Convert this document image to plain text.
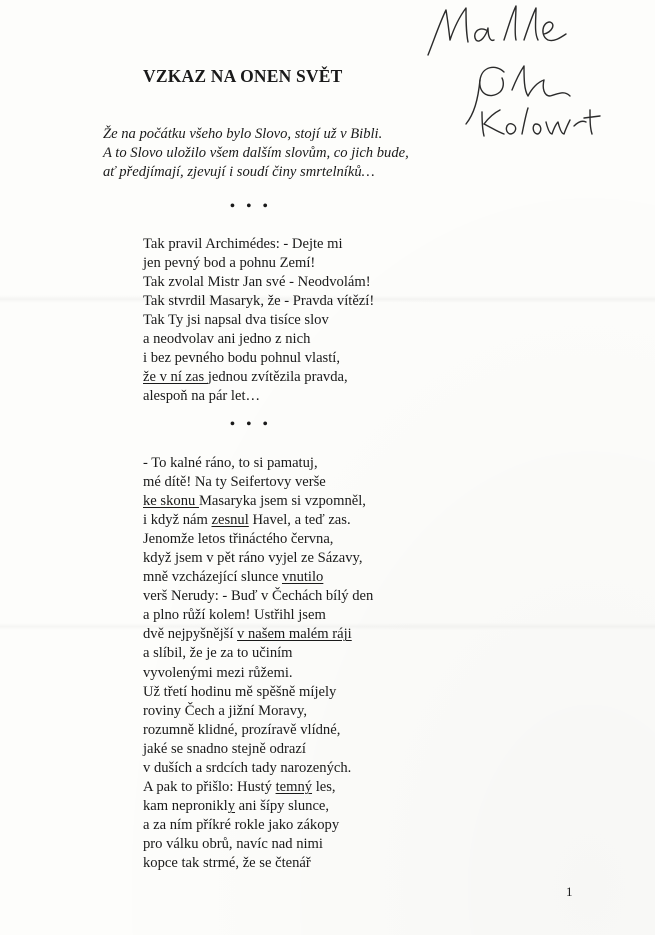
VZKAZ NA ONEN SVĚT
Že na počátku všeho bylo Slovo, stojí už v Bibli.
A to Slovo uložilo všem dalším slovům, co jich bude,
ať předjímají, zjevují i soudí činy smrtelníků…
• • •
Tak pravil Archimédes: - Dejte mi
jen pevný bod a pohnu Zemí!
Tak zvolal Mistr Jan své - Neodvolám!
Tak stvrdil Masaryk, že - Pravda vítězí!
Tak Ty jsi napsal dva tisíce slov
a neodvolav ani jedno z nich
i bez pevného bodu pohnul vlastí,
že v ní zas jednou zvítězila pravda,
alespoň na pár let…
• • •
- To kalné ráno, to si pamatuj,
mé dítě! Na ty Seifertovy verše
ke skonu Masaryka jsem si vzpomněl,
i když nám zesnul Havel, a teď zas.
Jenomže letos třináctého června,
když jsem v pět ráno vyjel ze Sázavy,
mně vzcházející slunce vnutilo
verš Nerudy: - Buď v Čechách bílý den
a plno růží kolem! Ustřihl jsem
dvě nejpyšnější v našem malém ráji
a slíbil, že je za to učiním
vyvolenými mezi růžemi.
Už třetí hodinu mě spěšně míjely
roviny Čech a jižní Moravy,
rozumně klidné, prozíravě vlídné,
jaké se snadno stejně odrazí
v duších a srdcích tady narozených.
A pak to přišlo: Hustý temný les,
kam nepronikly ani šípy slunce,
a za ním příkré rokle jako zákopy
pro válku obrů, navíc nad nimi
kopce tak strmé, že se čtenář
1
